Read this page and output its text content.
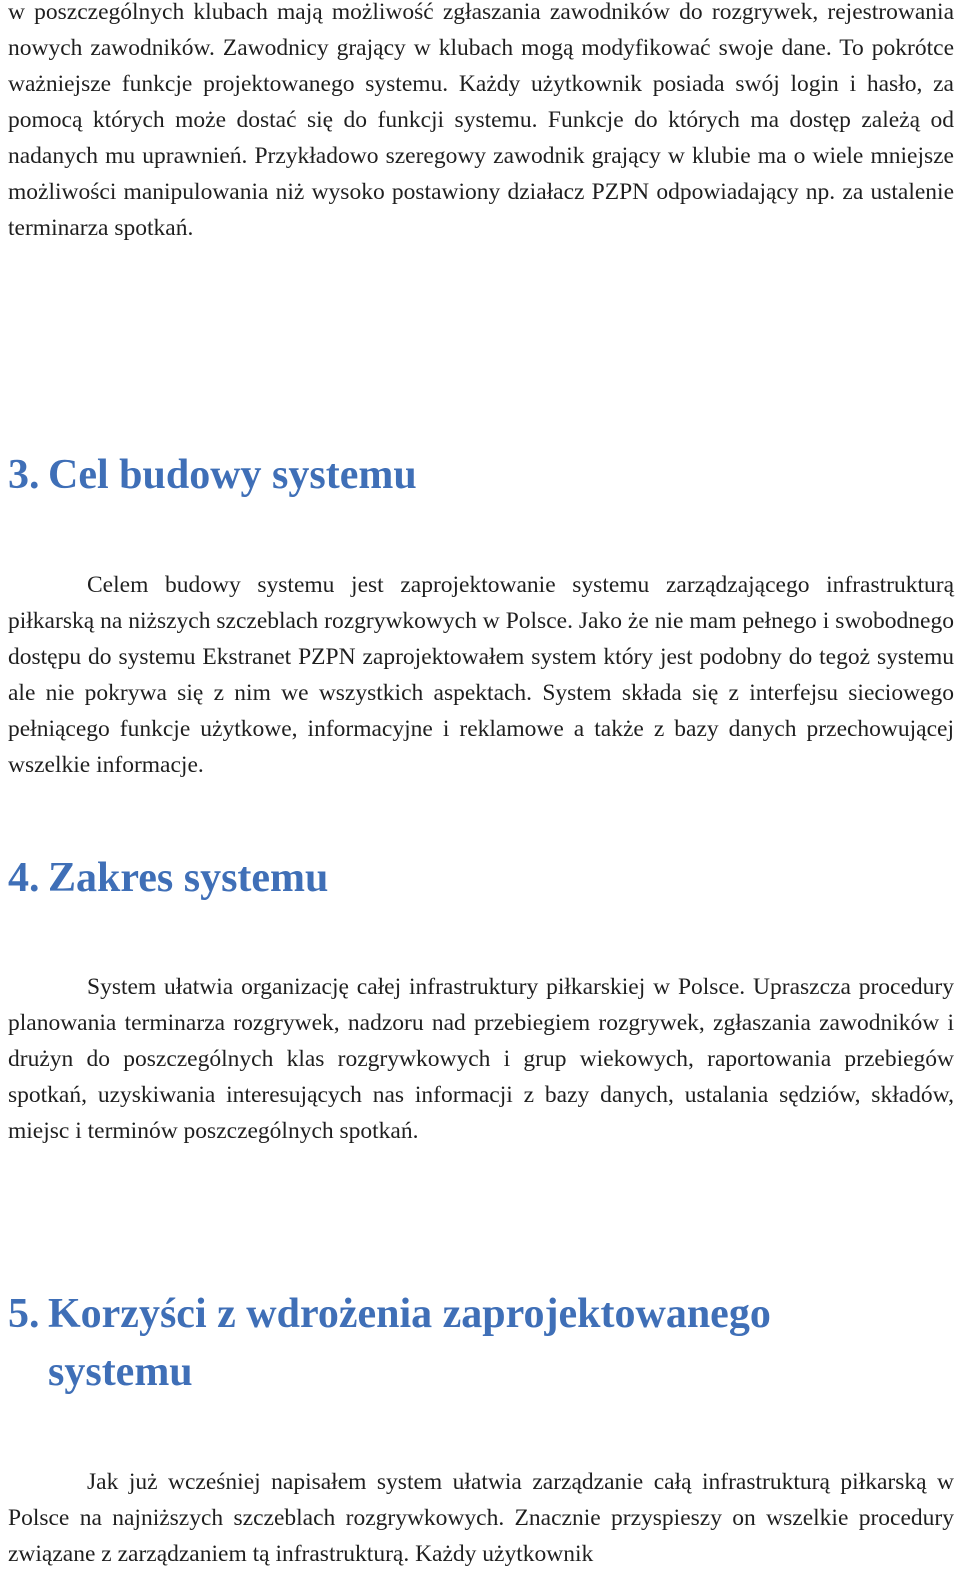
w poszczególnych klubach mają możliwość zgłaszania zawodników do rozgrywek, rejestrowania nowych zawodników. Zawodnicy grający w klubach mogą modyfikować swoje dane. To pokrótce ważniejsze funkcje projektowanego systemu. Każdy użytkownik posiada swój login i hasło, za pomocą których może dostać się do funkcji systemu. Funkcje do których ma dostęp zależą od nadanych mu uprawnień. Przykładowo szeregowy zawodnik grający w klubie ma o wiele mniejsze możliwości manipulowania niż wysoko postawiony działacz PZPN odpowiadający np. za ustalenie terminarza spotkań.

3. Cel budowy systemu

Celem budowy systemu jest zaprojektowanie systemu zarządzającego infrastrukturą piłkarską na niższych szczeblach rozgrywkowych w Polsce. Jako że nie mam pełnego i swobodnego dostępu do systemu Ekstranet PZPN zaprojektowałem system który jest podobny do tegoż systemu ale nie pokrywa się z nim we wszystkich aspektach. System składa się z interfejsu sieciowego pełniącego funkcje użytkowe, informacyjne i reklamowe a także z bazy danych przechowującej wszelkie informacje.

4. Zakres systemu

System ułatwia organizację całej infrastruktury piłkarskiej w Polsce. Upraszcza procedury planowania terminarza rozgrywek, nadzoru nad przebiegiem rozgrywek, zgłaszania zawodników i drużyn do poszczególnych klas rozgrywkowych i grup wiekowych, raportowania przebiegów spotkań, uzyskiwania interesujących nas informacji z bazy danych, ustalania sędziów, składów, miejsc i terminów poszczególnych spotkań.

5. Korzyści z wdrożenia zaprojektowanego systemu

Jak już wcześniej napisałem system ułatwia zarządzanie całą infrastrukturą piłkarską w Polsce na najniższych szczeblach rozgrywkowych. Znacznie przyspieszy on wszelkie procedury związane z zarządzaniem tą infrastrukturą. Każdy użytkownik
